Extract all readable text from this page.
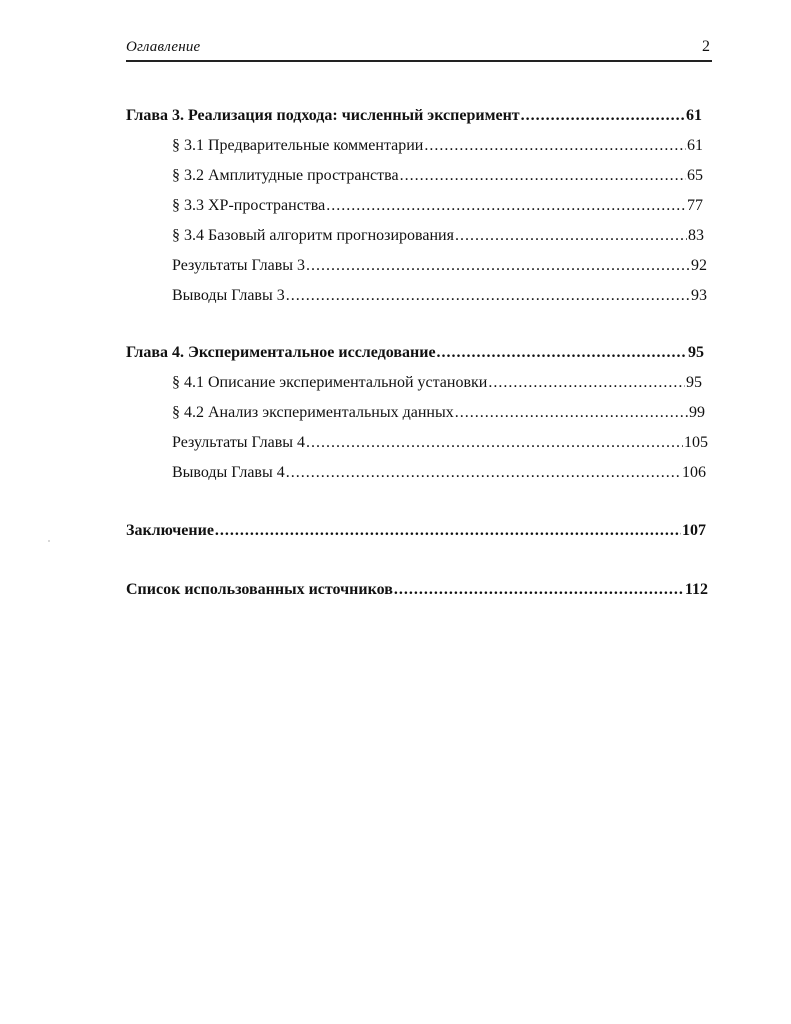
Оглавление	2
Глава 3. Реализация подхода: численный эксперимент .....	61
§ 3.1 Предварительные комментарии .....	61
§ 3.2 Амплитудные пространства .....	65
§ 3.3 XP-пространства .....	77
§ 3.4 Базовый алгоритм прогнозирования .....	83
Результаты Главы 3 .....	92
Выводы Главы 3 .....	93
Глава 4. Экспериментальное исследование .....	95
§ 4.1 Описание экспериментальной установки .....	95
§ 4.2 Анализ экспериментальных данных .....	99
Результаты Главы 4 .....	105
Выводы Главы 4 .....	106
Заключение .....	107
Список использованных источников .....	112
